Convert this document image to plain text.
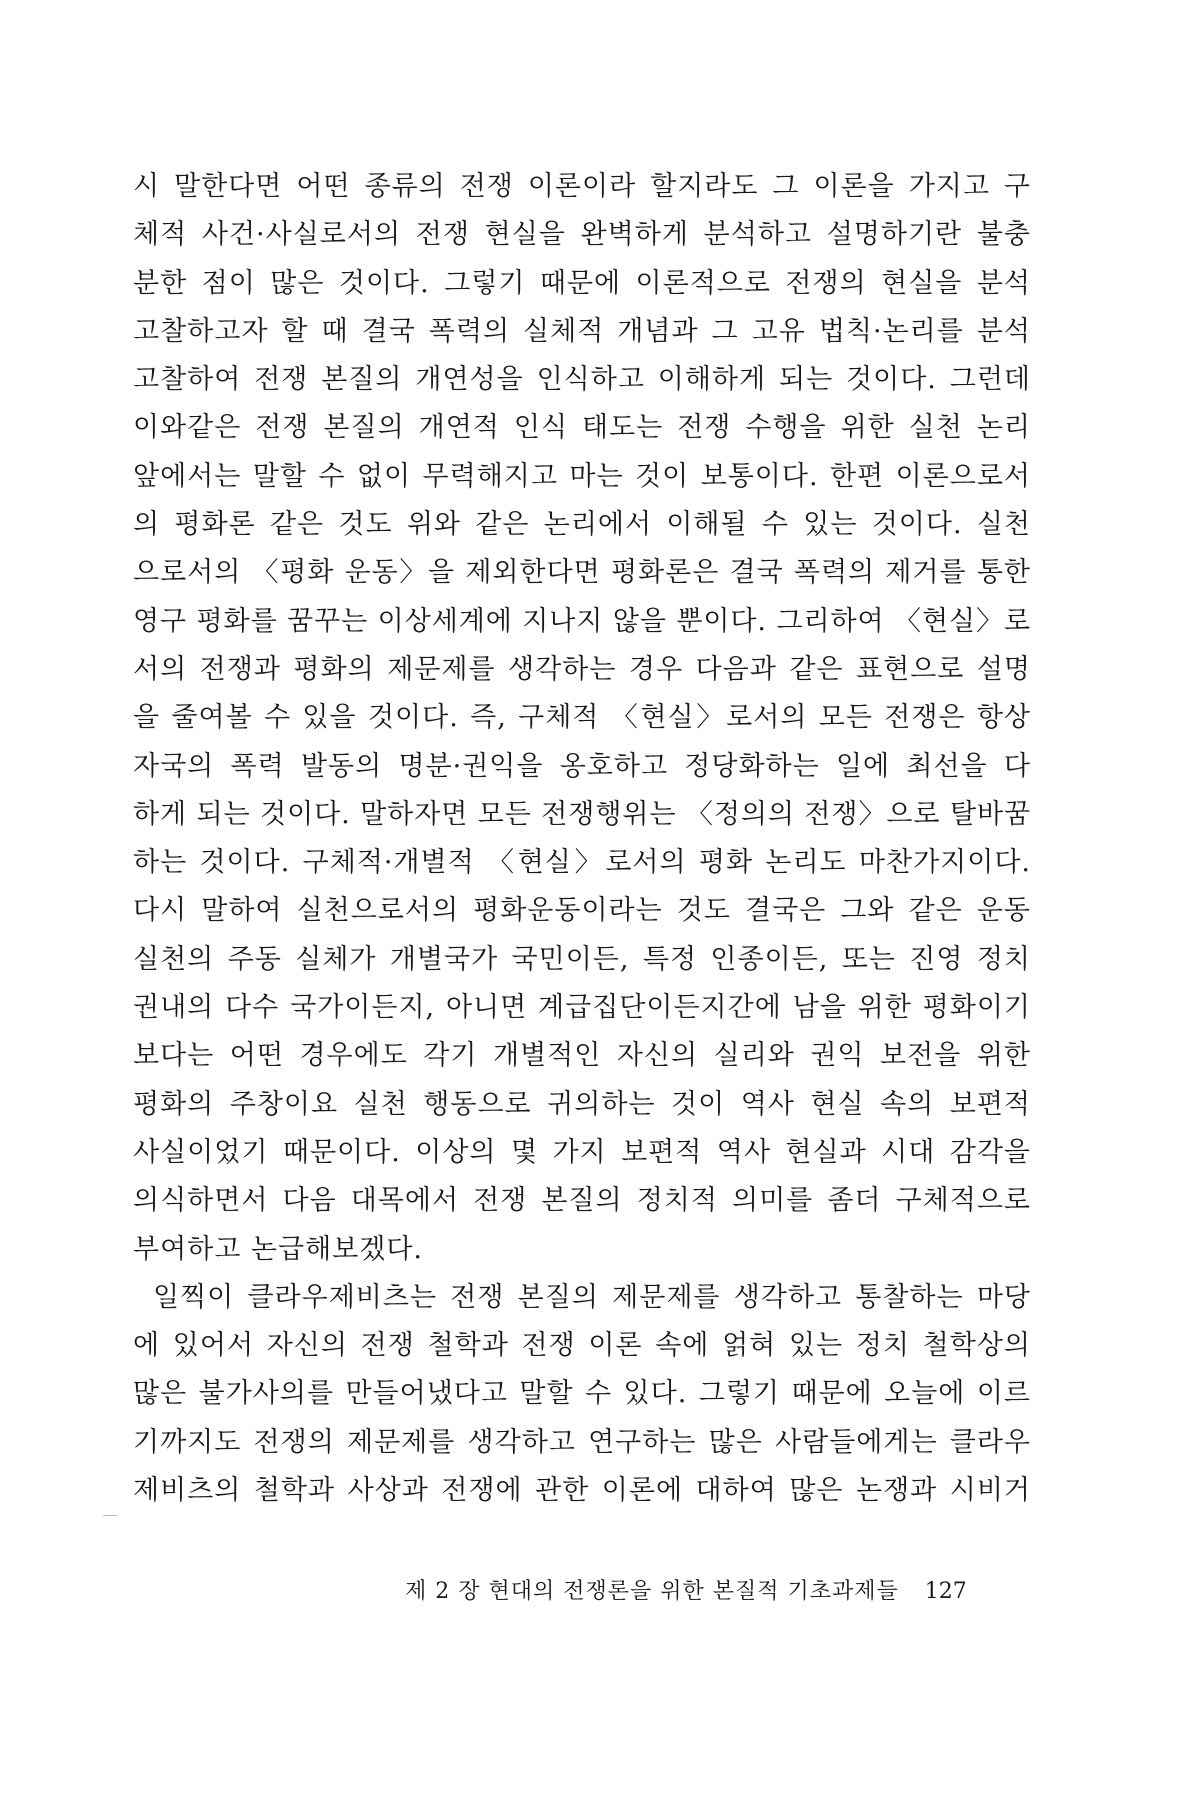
시 말한다면 어떤 종류의 전쟁 이론이라 할지라도 그 이론을 가지고 구
체적 사건·사실로서의 전쟁 현실을 완벽하게 분석하고 설명하기란 불충
분한 점이 많은 것이다. 그렇기 때문에 이론적으로 전쟁의 현실을 분석
고찰하고자 할 때 결국 폭력의 실체적 개념과 그 고유 법칙·논리를 분석
고찰하여 전쟁 본질의 개연성을 인식하고 이해하게 되는 것이다. 그런데
이와같은 전쟁 본질의 개연적 인식 태도는 전쟁 수행을 위한 실천 논리
앞에서는 말할 수 없이 무력해지고 마는 것이 보통이다. 한편 이론으로서
의 평화론 같은 것도 위와 같은 논리에서 이해될 수 있는 것이다. 실천
으로서의 〈평화 운동〉을 제외한다면 평화론은 결국 폭력의 제거를 통한
영구 평화를 꿈꾸는 이상세계에 지나지 않을 뿐이다. 그리하여 〈현실〉로
서의 전쟁과 평화의 제문제를 생각하는 경우 다음과 같은 표현으로 설명
을 줄여볼 수 있을 것이다. 즉, 구체적 〈현실〉로서의 모든 전쟁은 항상
자국의 폭력 발동의 명분·권익을 옹호하고 정당화하는 일에 최선을 다
하게 되는 것이다. 말하자면 모든 전쟁행위는 〈정의의 전쟁〉으로 탈바꿈
하는 것이다. 구체적·개별적 〈현실〉로서의 평화 논리도 마찬가지이다.
다시 말하여 실천으로서의 평화운동이라는 것도 결국은 그와 같은 운동
실천의 주동 실체가 개별국가 국민이든, 특정 인종이든, 또는 진영 정치
권내의 다수 국가이든지, 아니면 계급집단이든지간에 남을 위한 평화이기
보다는 어떤 경우에도 각기 개별적인 자신의 실리와 권익 보전을 위한
평화의 주창이요 실천 행동으로 귀의하는 것이 역사 현실 속의 보편적
사실이었기 때문이다. 이상의 몇 가지 보편적 역사 현실과 시대 감각을
의식하면서 다음 대목에서 전쟁 본질의 정치적 의미를 좀더 구체적으로
부여하고 논급해보겠다.
일찍이 클라우제비츠는 전쟁 본질의 제문제를 생각하고 통찰하는 마당
에 있어서 자신의 전쟁 철학과 전쟁 이론 속에 얽혀 있는 정치 철학상의
많은 불가사의를 만들어냈다고 말할 수 있다. 그렇기 때문에 오늘에 이르
기까지도 전쟁의 제문제를 생각하고 연구하는 많은 사람들에게는 클라우
제비츠의 철학과 사상과 전쟁에 관한 이론에 대하여 많은 논쟁과 시비거
제 2 장 현대의 전쟁론을 위한 본질적 기초과제들 127
